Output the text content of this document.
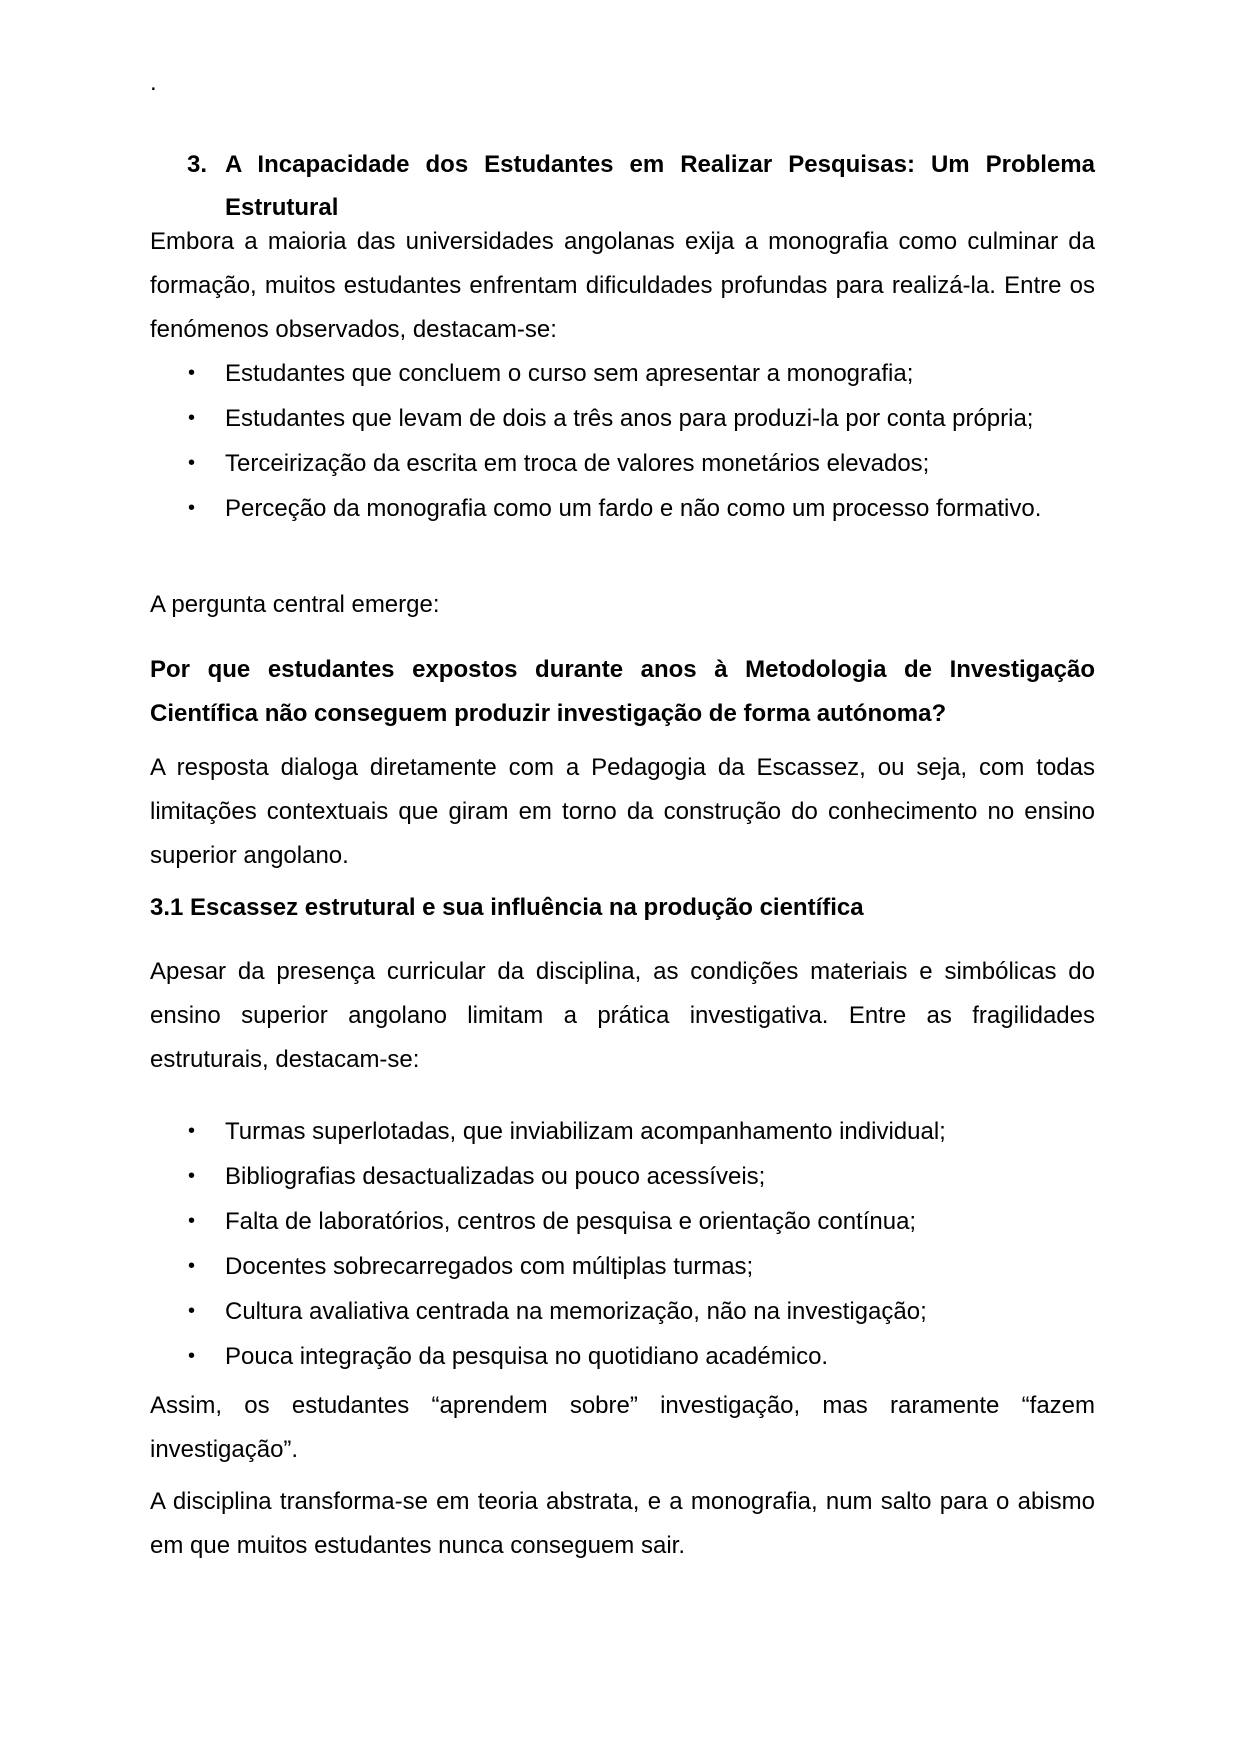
.
3. A Incapacidade dos Estudantes em Realizar Pesquisas: Um Problema Estrutural

Embora a maioria das universidades angolanas exija a monografia como culminar da formação, muitos estudantes enfrentam dificuldades profundas para realizá-la. Entre os fenómenos observados, destacam-se:

• Estudantes que concluem o curso sem apresentar a monografia;
• Estudantes que levam de dois a três anos para produzi-la por conta própria;
• Terceirização da escrita em troca de valores monetários elevados;
• Perceção da monografia como um fardo e não como um processo formativo.

A pergunta central emerge:

Por que estudantes expostos durante anos à Metodologia de Investigação Científica não conseguem produzir investigação de forma autónoma?

A resposta dialoga diretamente com a Pedagogia da Escassez, ou seja, com todas limitações contextuais que giram em torno da construção do conhecimento no ensino superior angolano.

3.1 Escassez estrutural e sua influência na produção científica

Apesar da presença curricular da disciplina, as condições materiais e simbólicas do ensino superior angolano limitam a prática investigativa. Entre as fragilidades estruturais, destacam-se:

• Turmas superlotadas, que inviabilizam acompanhamento individual;
• Bibliografias desactualizadas ou pouco acessíveis;
• Falta de laboratórios, centros de pesquisa e orientação contínua;
• Docentes sobrecarregados com múltiplas turmas;
• Cultura avaliativa centrada na memorização, não na investigação;
• Pouca integração da pesquisa no quotidiano académico.

Assim, os estudantes “aprendem sobre” investigação, mas raramente “fazem investigação”.

A disciplina transforma-se em teoria abstrata, e a monografia, num salto para o abismo em que muitos estudantes nunca conseguem sair.
